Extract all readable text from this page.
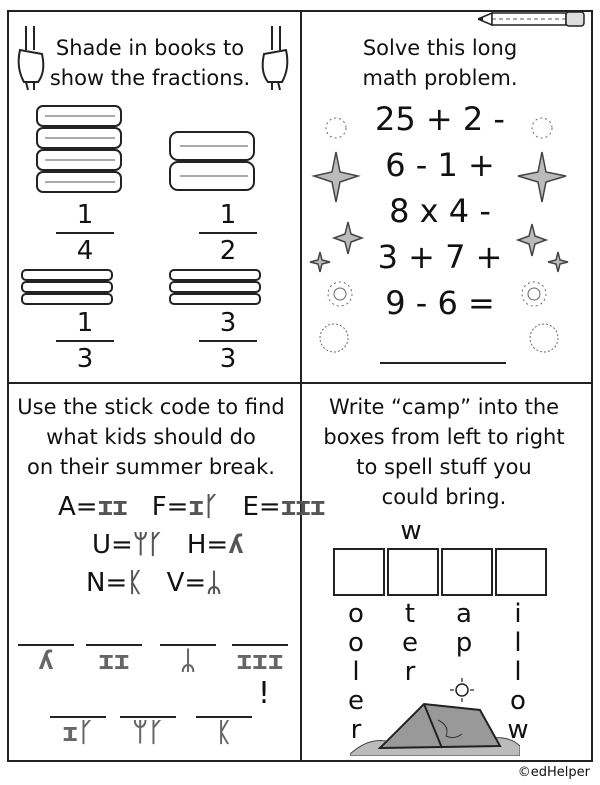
Shade in books to
show the fractions.
1
4
1
2
1
3
3
3
Solve this long
math problem.
25 + 2 -
6 - 1 +
8 x 4 -
3 + 7 +
9 - 6 =
Use the stick code to find
what kids should do
on their summer break.
A=ɪɪ F=ɪᚴ E=ɪɪɪ
U=ᛘᚴ H=ʎ
N=ᛕ V=ᛦ
ʎ	ɪɪ	ᛦ	ɪɪɪ
!
ɪᚴ	ᛘᚴ	ᛕ
Write “camp” into the
boxes from left to right
to spell stuff you
could bring.
w
o
o
l
e
r
t
e
r
a
p
i
l
l
o
w
©edHelper
